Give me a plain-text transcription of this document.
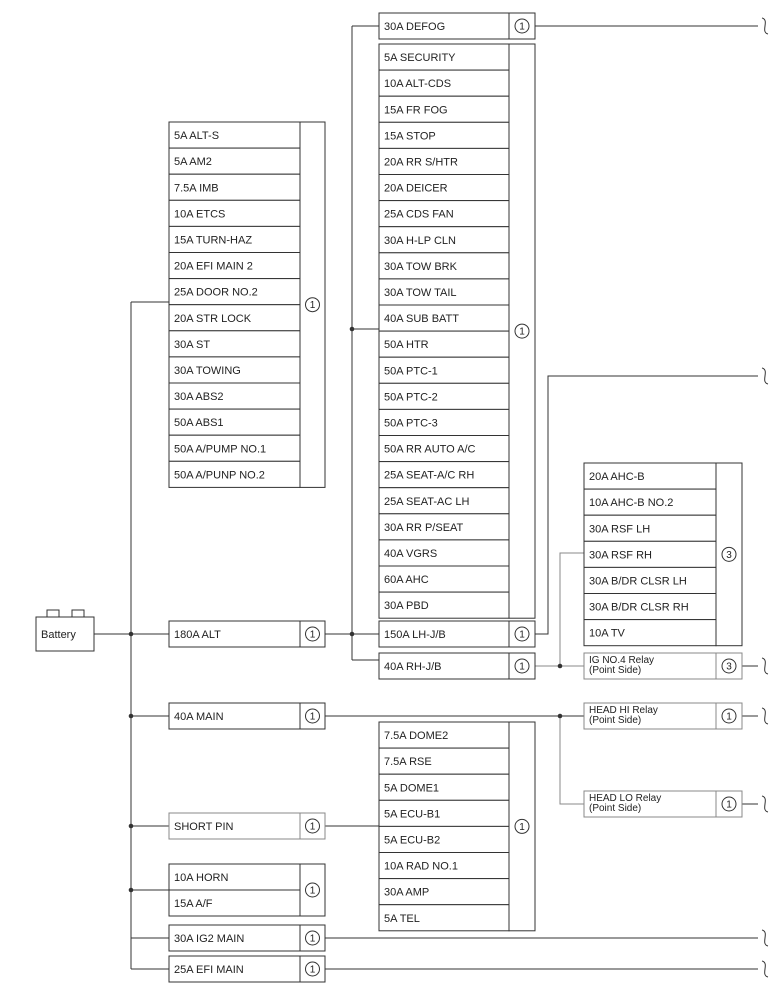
Battery
5A ALT-S
5A AM2
7.5A IMB
10A ETCS
15A TURN-HAZ
20A EFI MAIN 2
25A DOOR NO.2
20A STR LOCK
30A ST
30A TOWING
30A ABS2
50A ABS1
50A A/PUMP NO.1
50A A/PUNP NO.2
1
30A DEFOG	1
5A SECURITY
10A ALT-CDS
15A FR FOG
15A STOP
20A RR S/HTR
20A DEICER
25A CDS FAN
30A H-LP CLN
30A TOW BRK
30A TOW TAIL
40A SUB BATT
50A HTR
50A PTC-1
50A PTC-2
50A PTC-3
50A RR AUTO A/C
25A SEAT-A/C RH
25A SEAT-AC LH
30A RR P/SEAT
40A VGRS
60A AHC
30A PBD
1
180A ALT	1	150A LH-J/B	1
40A RH-J/B	1
20A AHC-B
10A AHC-B NO.2
30A RSF LH
30A RSF RH
30A B/DR CLSR LH
30A B/DR CLSR RH
10A TV
3
IG NO.4 Relay
(Point Side)	3
40A MAIN	1
HEAD HI Relay
(Point Side)	1
HEAD LO Relay
(Point Side)	1
7.5A DOME2
7.5A RSE
5A DOME1
5A ECU-B1
5A ECU-B2
10A RAD NO.1
30A AMP
5A TEL
1
SHORT PIN	1
10A HORN
15A A/F
1
30A IG2 MAIN	1
25A EFI MAIN	1
